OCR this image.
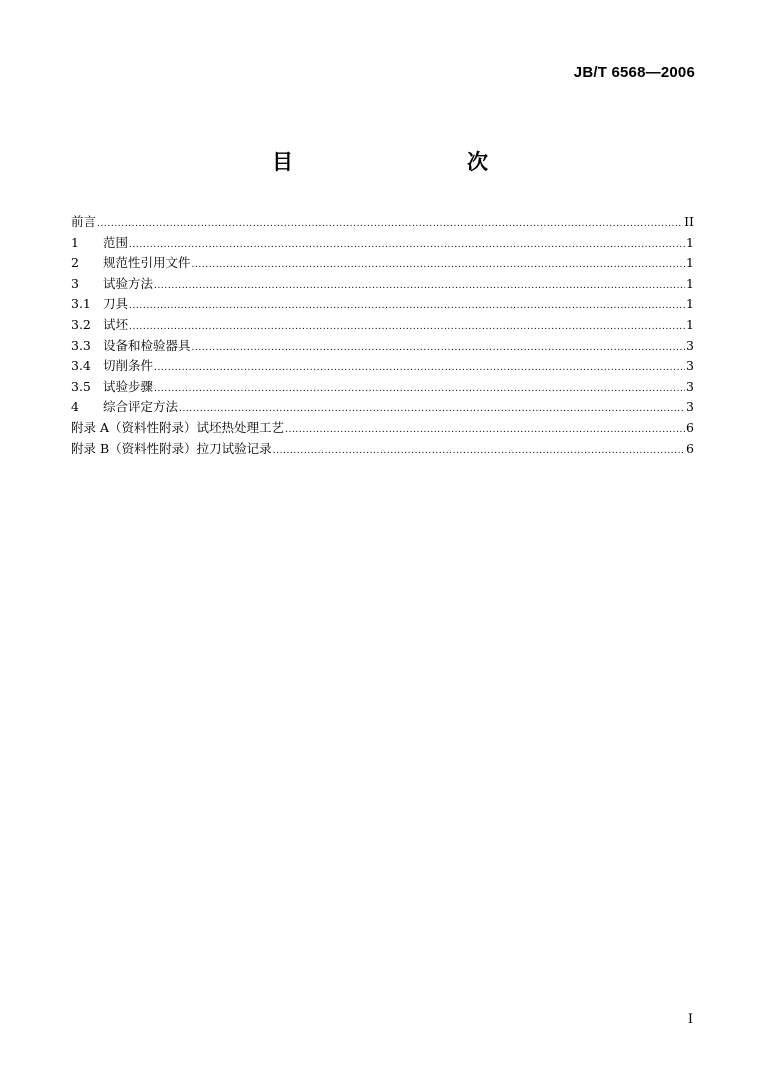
JB/T 6568—2006
目　　次
前言 .....	II
1	范围 .....	1
2	规范性引用文件 .....	1
3	试验方法 .....	1
3.1 刀具 .....	1
3.2 试坯 .....	1
3.3 设备和检验器具 .....	3
3.4 切削条件 .....	3
3.5 试验步骤 .....	3
4	综合评定方法 .....	3
附录 A（资料性附录）试坯热处理工艺 .....	6
附录 B（资料性附录）拉刀试验记录 .....	6
I
